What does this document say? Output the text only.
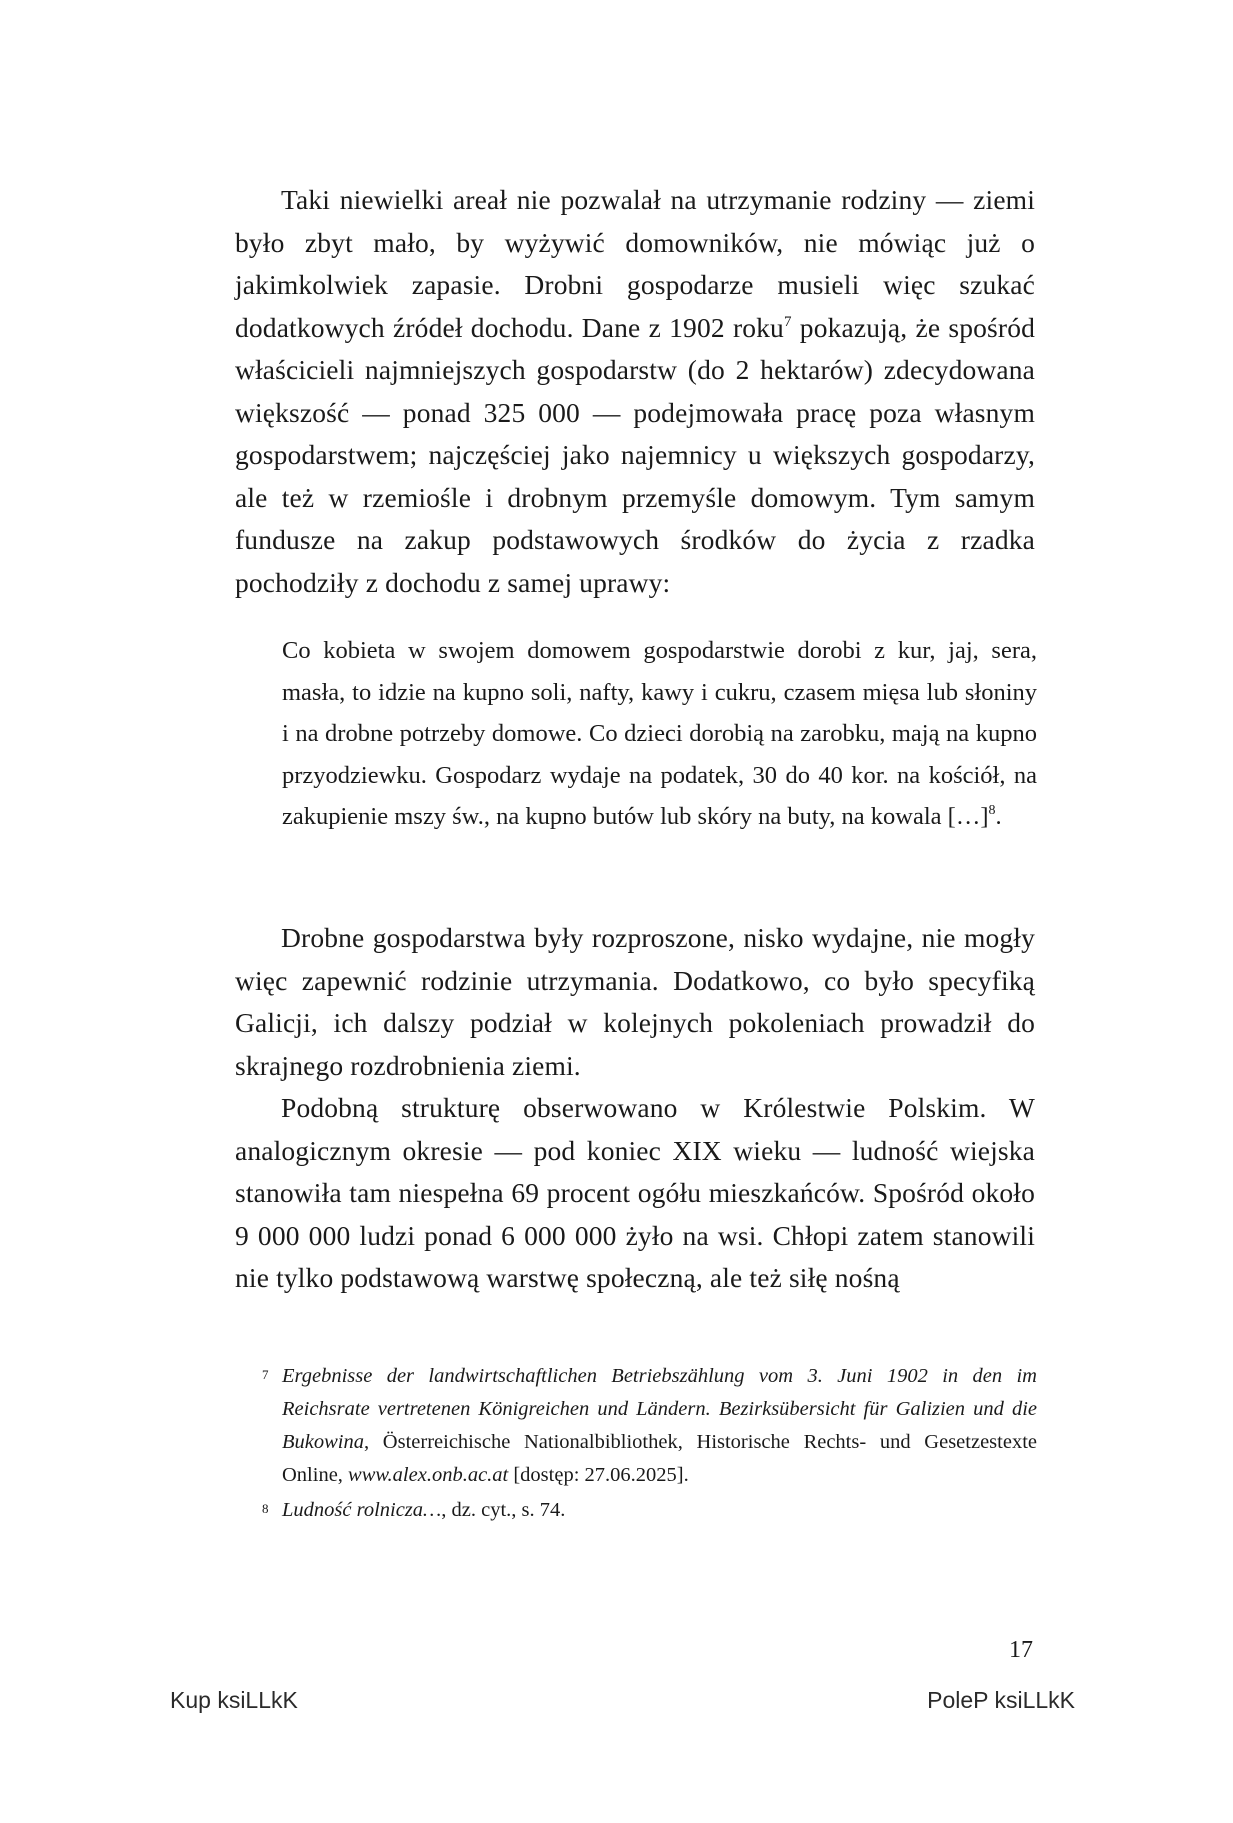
Taki niewielki areał nie pozwalał na utrzymanie rodziny — ziemi było zbyt mało, by wyżywić domowników, nie mówiąc już o jakimkolwiek zapasie. Drobni gospodarze musieli więc szukać dodatkowych źródeł dochodu. Dane z 1902 roku$^7$ pokazują, że spośród właścicieli najmniejszych gospodarstw (do 2 hektarów) zdecydowana większość — ponad 325 000 — podejmowała pracę poza własnym gospodarstwem; najczęściej jako najemnicy u większych gospodarzy, ale też w rzemiośle i drobnym przemyśle domowym. Tym samym fundusze na zakup podstawowych środków do życia z rzadka pochodziły z dochodu z samej uprawy:

Co kobieta w swojem domowem gospodarstwie dorobi z kur, jaj, sera, masła, to idzie na kupno soli, nafty, kawy i cukru, czasem mięsa lub słoniny i na drobne potrzeby domowe. Co dzieci dorobią na zarobku, mają na kupno przyodziewku. Gospodarz wydaje na podatek, 30 do 40 kor. na kościół, na zakupienie mszy św., na kupno butów lub skóry na buty, na kowala […]$^8$.

Drobne gospodarstwa były rozproszone, nisko wydajne, nie mogły więc zapewnić rodzinie utrzymania. Dodatkowo, co było specyfiką Galicji, ich dalszy podział w kolejnych pokoleniach prowadził do skrajnego rozdrobnienia ziemi.

Podobną strukturę obserwowano w Królestwie Polskim. W analogicznym okresie — pod koniec XIX wieku — ludność wiejska stanowiła tam niespełna 69 procent ogółu mieszkańców. Spośród około 9 000 000 ludzi ponad 6 000 000 żyło na wsi. Chłopi zatem stanowili nie tylko podstawową warstwę społeczną, ale też siłę nośną

7 Ergebnisse der landwirtschaftlichen Betriebszählung vom 3. Juni 1902 in den im Reichsrate vertretenen Königreichen und Ländern. Bezirksübersicht für Galizien und die Bukowina, Österreichische Nationalbibliothek, Historische Rechts- und Gesetzestexte Online, www.alex.onb.ac.at [dostęp: 27.06.2025].
8 Ludność rolnicza…, dz. cyt., s. 74.
17
Kup ksiLLkK	PoleP ksiLLkK
